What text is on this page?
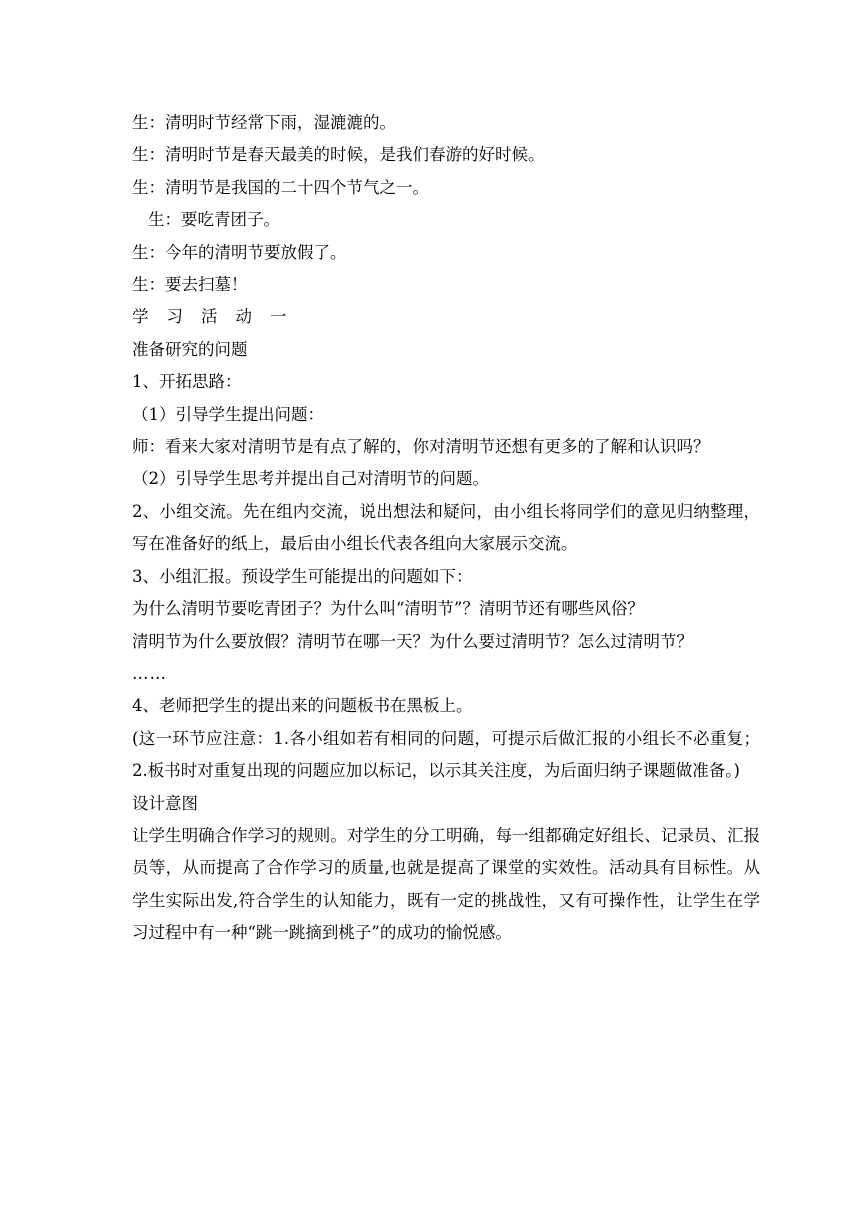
生：清明时节经常下雨，湿漉漉的。

生：清明时节是春天最美的时候，是我们春游的好时候。

生：清明节是我国的二十四个节气之一。

生：要吃青团子。

生：今年的清明节要放假了。

生：要去扫墓！

学习活动一

准备研究的问题

1、开拓思路：

（1）引导学生提出问题：

师：看来大家对清明节是有点了解的，你对清明节还想有更多的了解和认识吗？

（2）引导学生思考并提出自己对清明节的问题。

2、小组交流。先在组内交流，说出想法和疑问，由小组长将同学们的意见归纳整理，写在准备好的纸上，最后由小组长代表各组向大家展示交流。

3、小组汇报。预设学生可能提出的问题如下：

为什么清明节要吃青团子？为什么叫“清明节”？清明节还有哪些风俗？

清明节为什么要放假？清明节在哪一天？为什么要过清明节？怎么过清明节？

……

4、老师把学生的提出来的问题板书在黑板上。

(这一环节应注意：1.各小组如若有相同的问题，可提示后做汇报的小组长不必重复；2.板书时对重复出现的问题应加以标记，以示其关注度，为后面归纳子课题做准备。)

设计意图

让学生明确合作学习的规则。对学生的分工明确，每一组都确定好组长、记录员、汇报员等，从而提高了合作学习的质量,也就是提高了课堂的实效性。活动具有目标性。从学生实际出发,符合学生的认知能力，既有一定的挑战性，又有可操作性，让学生在学习过程中有一种“跳一跳摘到桃子”的成功的愉悦感。
